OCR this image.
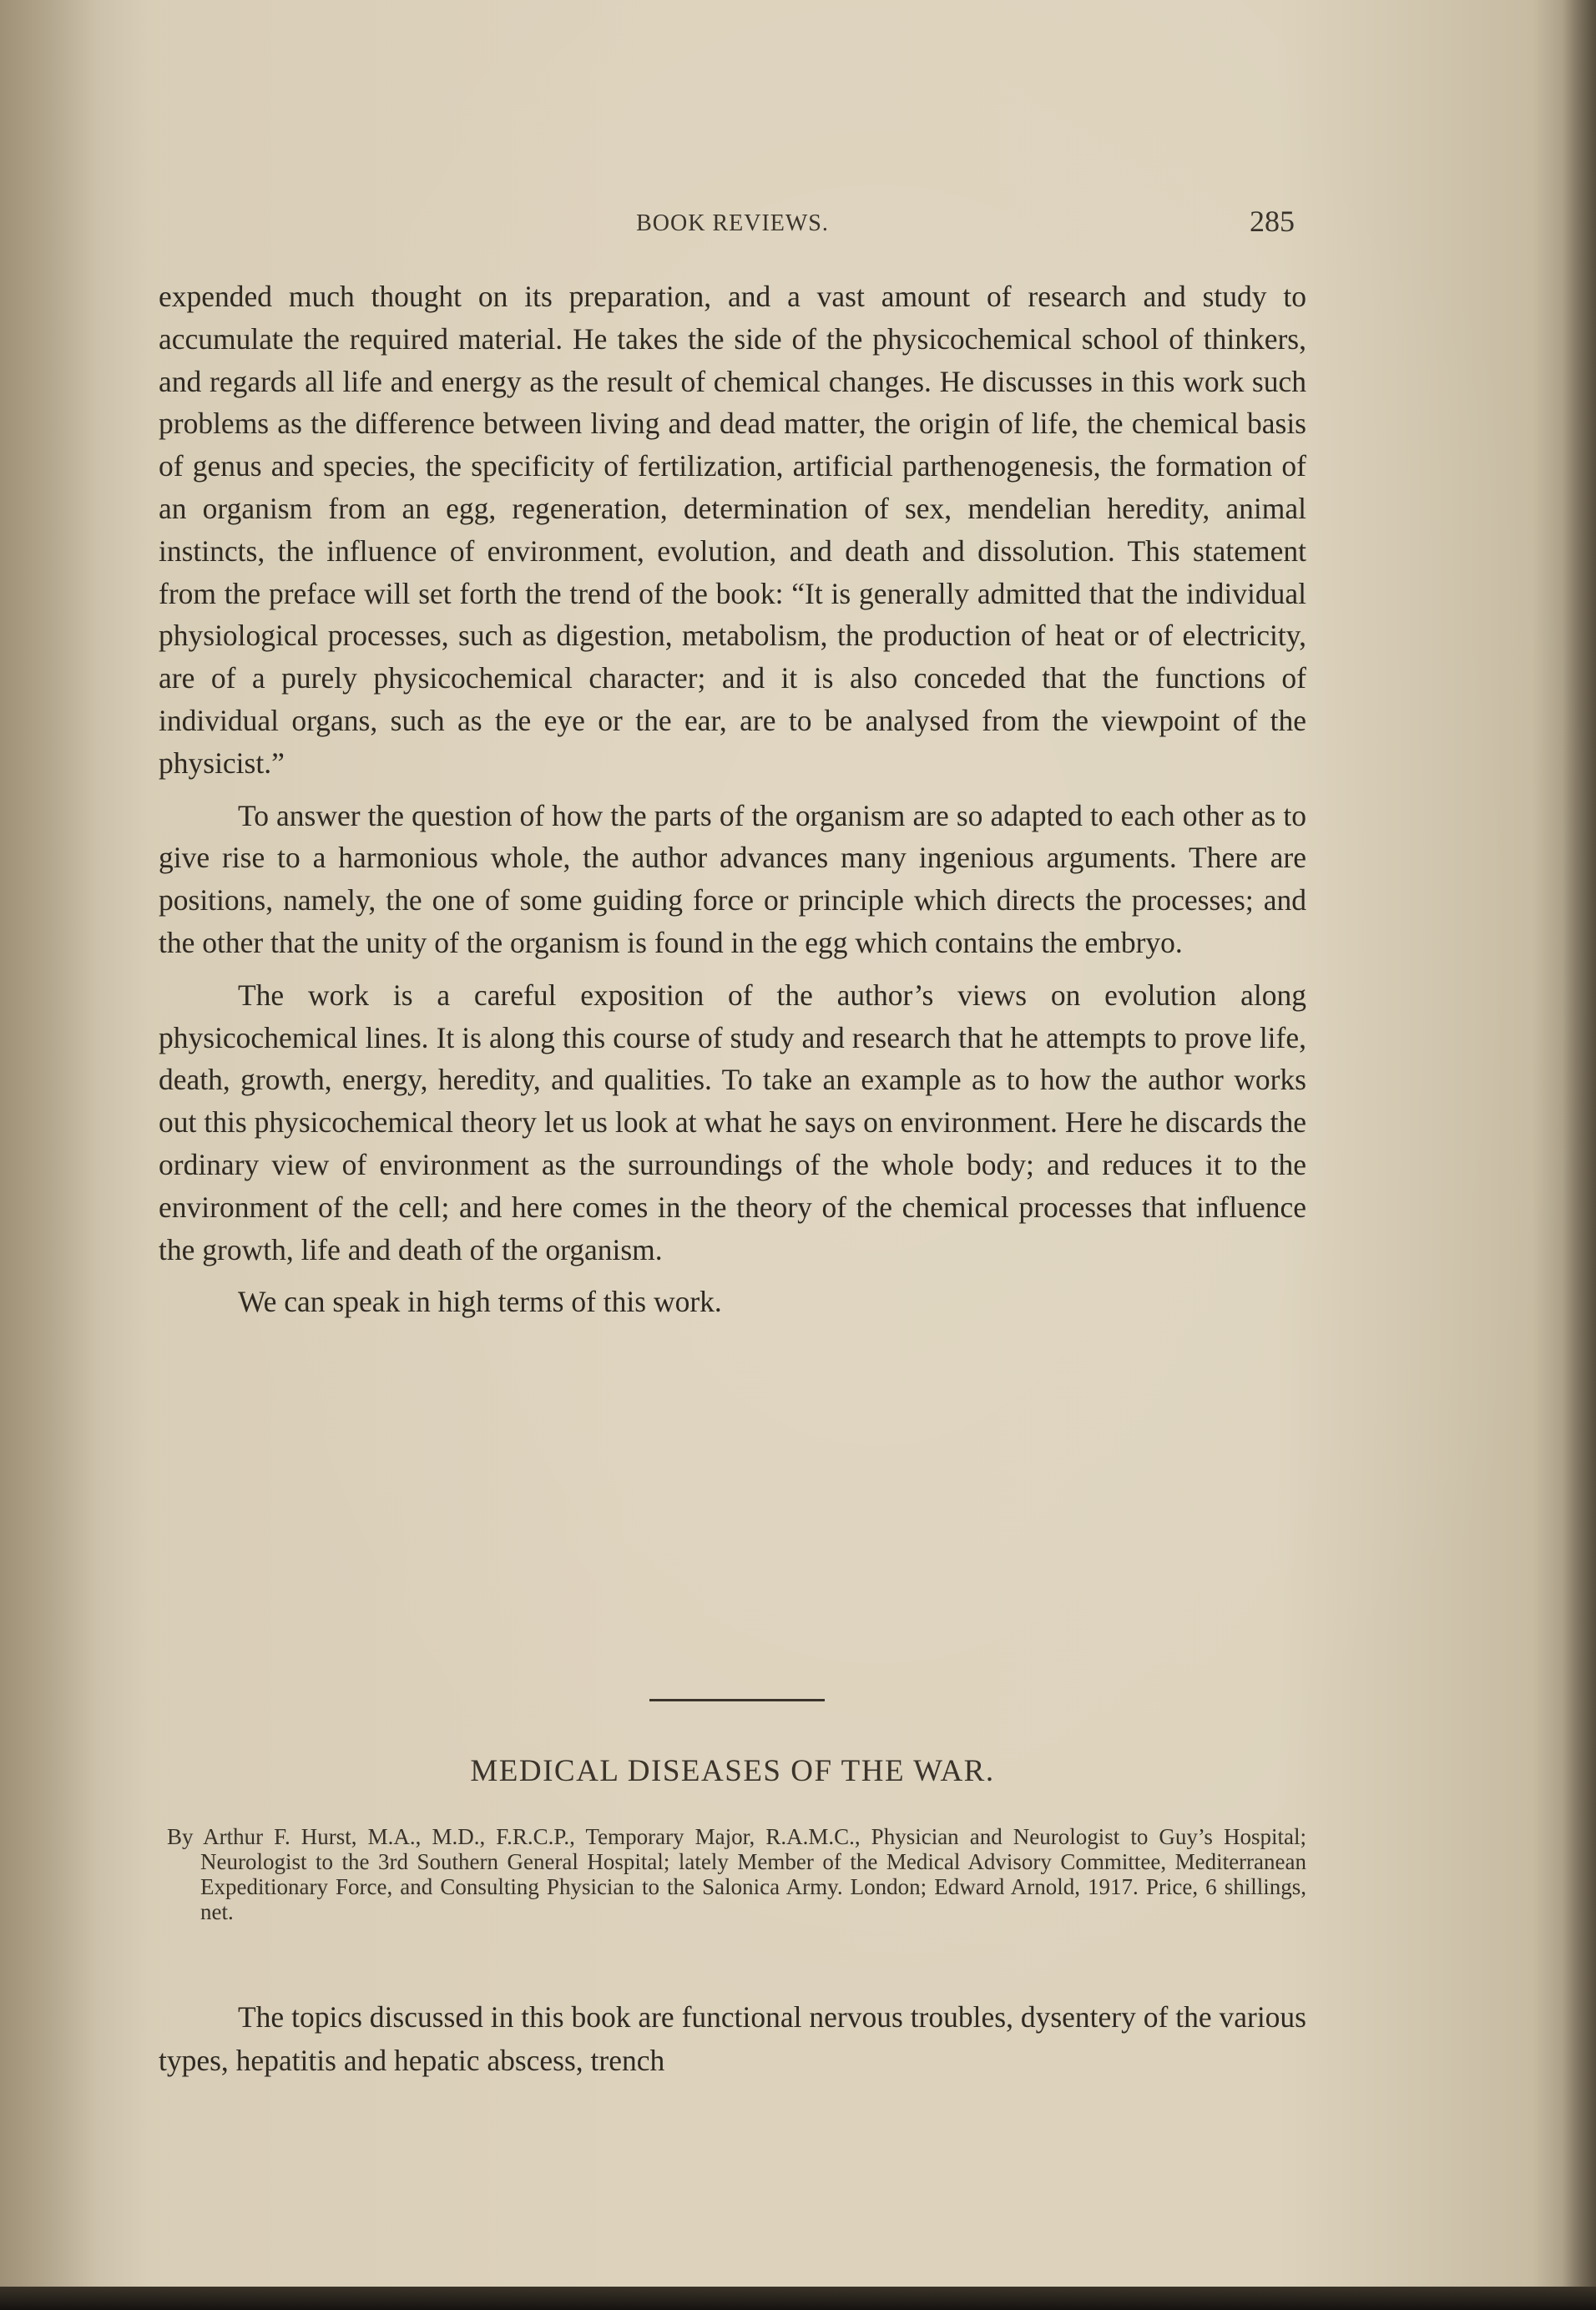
BOOK REVIEWS.	285

expended much thought on its preparation, and a vast amount of research and study to accumulate the required material. He takes the side of the physicochemical school of thinkers, and regards all life and energy as the result of chemical changes. He discusses in this work such problems as the difference between living and dead matter, the origin of life, the chemical basis of genus and species, the specificity of fertilization, artificial parthenogenesis, the formation of an organism from an egg, regeneration, determination of sex, mendelian heredity, animal instincts, the influence of environment, evolution, and death and dissolution. This statement from the preface will set forth the trend of the book: “It is generally admitted that the individual physiological processes, such as digestion, metabolism, the production of heat or of electricity, are of a purely physicochemical character; and it is also conceded that the functions of individual organs, such as the eye or the ear, are to be analysed from the viewpoint of the physicist.”

To answer the question of how the parts of the organism are so adapted to each other as to give rise to a harmonious whole, the author advances many ingenious arguments. There are positions, namely, the one of some guiding force or principle which directs the processes; and the other that the unity of the organism is found in the egg which contains the embryo.

The work is a careful exposition of the author’s views on evolution along physicochemical lines. It is along this course of study and research that he attempts to prove life, death, growth, energy, heredity, and qualities. To take an example as to how the author works out this physicochemical theory let us look at what he says on environment. Here he discards the ordinary view of environment as the surroundings of the whole body; and reduces it to the environment of the cell; and here comes in the theory of the chemical processes that influence the growth, life and death of the organism.

We can speak in high terms of this work.

MEDICAL DISEASES OF THE WAR.
By Arthur F. Hurst, M.A., M.D., F.R.C.P., Temporary Major, R.A.M.C., Physician and Neurologist to Guy’s Hospital; Neurologist to the 3rd Southern General Hospital; lately Member of the Medical Advisory Committee, Mediterranean Expeditionary Force, and Consulting Physician to the Salonica Army. London; Edward Arnold, 1917. Price, 6 shillings, net.

The topics discussed in this book are functional nervous troubles, dysentery of the various types, hepatitis and hepatic abscess, trench
